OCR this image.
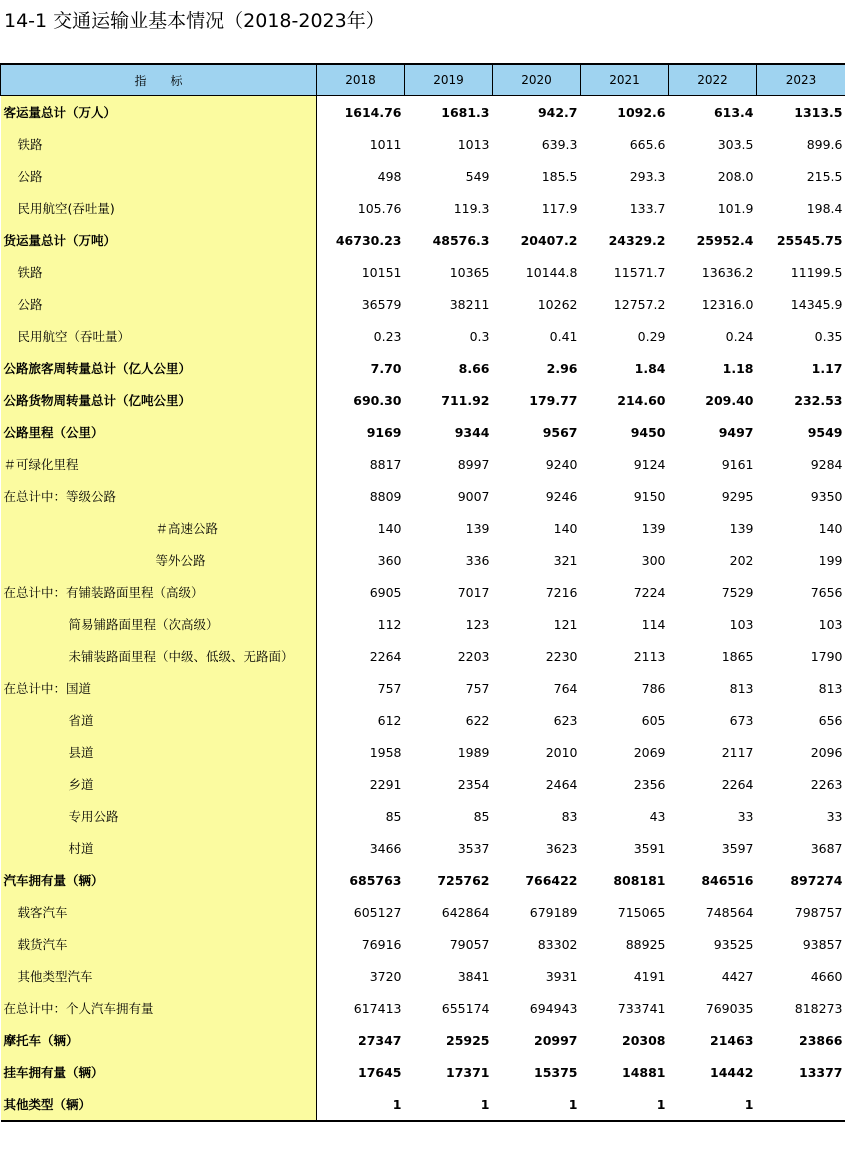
14-1 交通运输业基本情况（2018-2023年）
指　　标	2018	2019	2020	2021	2022	2023
客运量总计（万人）	1614.76	1681.3	942.7	1092.6	613.4	1313.5
铁路	1011	1013	639.3	665.6	303.5	899.6
公路	498	549	185.5	293.3	208.0	215.5
民用航空(吞吐量)	105.76	119.3	117.9	133.7	101.9	198.4
货运量总计（万吨）	46730.23	48576.3	20407.2	24329.2	25952.4	25545.75
铁路	10151	10365	10144.8	11571.7	13636.2	11199.5
公路	36579	38211	10262	12757.2	12316.0	14345.9
民用航空（吞吐量）	0.23	0.3	0.41	0.29	0.24	0.35
公路旅客周转量总计（亿人公里）	7.70	8.66	2.96	1.84	1.18	1.17
公路货物周转量总计（亿吨公里）	690.30	711.92	179.77	214.60	209.40	232.53
公路里程（公里）	9169	9344	9567	9450	9497	9549
＃可绿化里程	8817	8997	9240	9124	9161	9284
在总计中：等级公路	8809	9007	9246	9150	9295	9350
＃高速公路	140	139	140	139	139	140
等外公路	360	336	321	300	202	199
在总计中：有铺装路面里程（高级）	6905	7017	7216	7224	7529	7656
简易铺路面里程（次高级）	112	123	121	114	103	103
未铺装路面里程（中级、低级、无路面）	2264	2203	2230	2113	1865	1790
在总计中：国道	757	757	764	786	813	813
省道	612	622	623	605	673	656
县道	1958	1989	2010	2069	2117	2096
乡道	2291	2354	2464	2356	2264	2263
专用公路	85	85	83	43	33	33
村道	3466	3537	3623	3591	3597	3687
汽车拥有量（辆）	685763	725762	766422	808181	846516	897274
载客汽车	605127	642864	679189	715065	748564	798757
载货汽车	76916	79057	83302	88925	93525	93857
其他类型汽车	3720	3841	3931	4191	4427	4660
在总计中：个人汽车拥有量	617413	655174	694943	733741	769035	818273
摩托车（辆）	27347	25925	20997	20308	21463	23866
挂车拥有量（辆）	17645	17371	15375	14881	14442	13377
其他类型（辆）	1	1	1	1	1	
